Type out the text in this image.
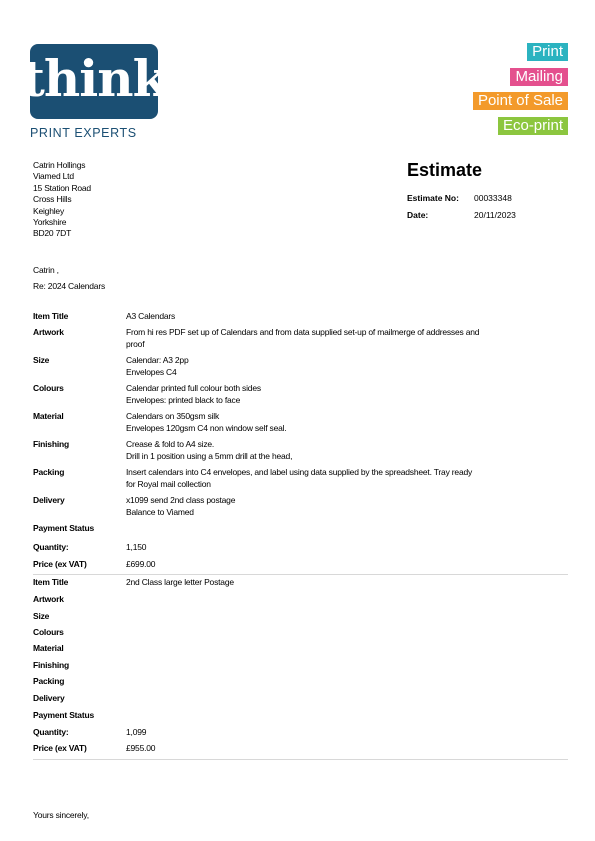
think
PRINT EXPERTS
Print
Mailing
Point of Sale
Eco-print
Catrin Hollings
Viamed Ltd
15 Station Road
Cross Hills
Keighley
Yorkshire
BD20 7DT
Estimate
Estimate No: 00033348
Date:	20/11/2023
Catrin ,
Re: 2024 Calendars
Item Title	A3 Calendars
Artwork	From hi res PDF set up of Calendars and from data supplied set-up of mailmerge of addresses and
proof
Size	Calendar: A3 2pp
Envelopes C4
Colours	Calendar printed full colour both sides
Envelopes: printed black to face
Material	Calendars on 350gsm silk
Envelopes 120gsm C4 non window self seal.
Finishing	Crease & fold to A4 size.
Drill in 1 position using a 5mm drill at the head,
Packing	Insert calendars into C4 envelopes, and label using data supplied by the spreadsheet. Tray ready
for Royal mail collection
Delivery	x1099 send 2nd class postage
Balance to Viamed
Payment Status
Quantity:	1,150
Price (ex VAT)	£699.00
Item Title	2nd Class large letter Postage
Artwork
Size
Colours
Material
Finishing
Packing
Delivery
Payment Status
Quantity:	1,099
Price (ex VAT)	£955.00
Yours sincerely,
